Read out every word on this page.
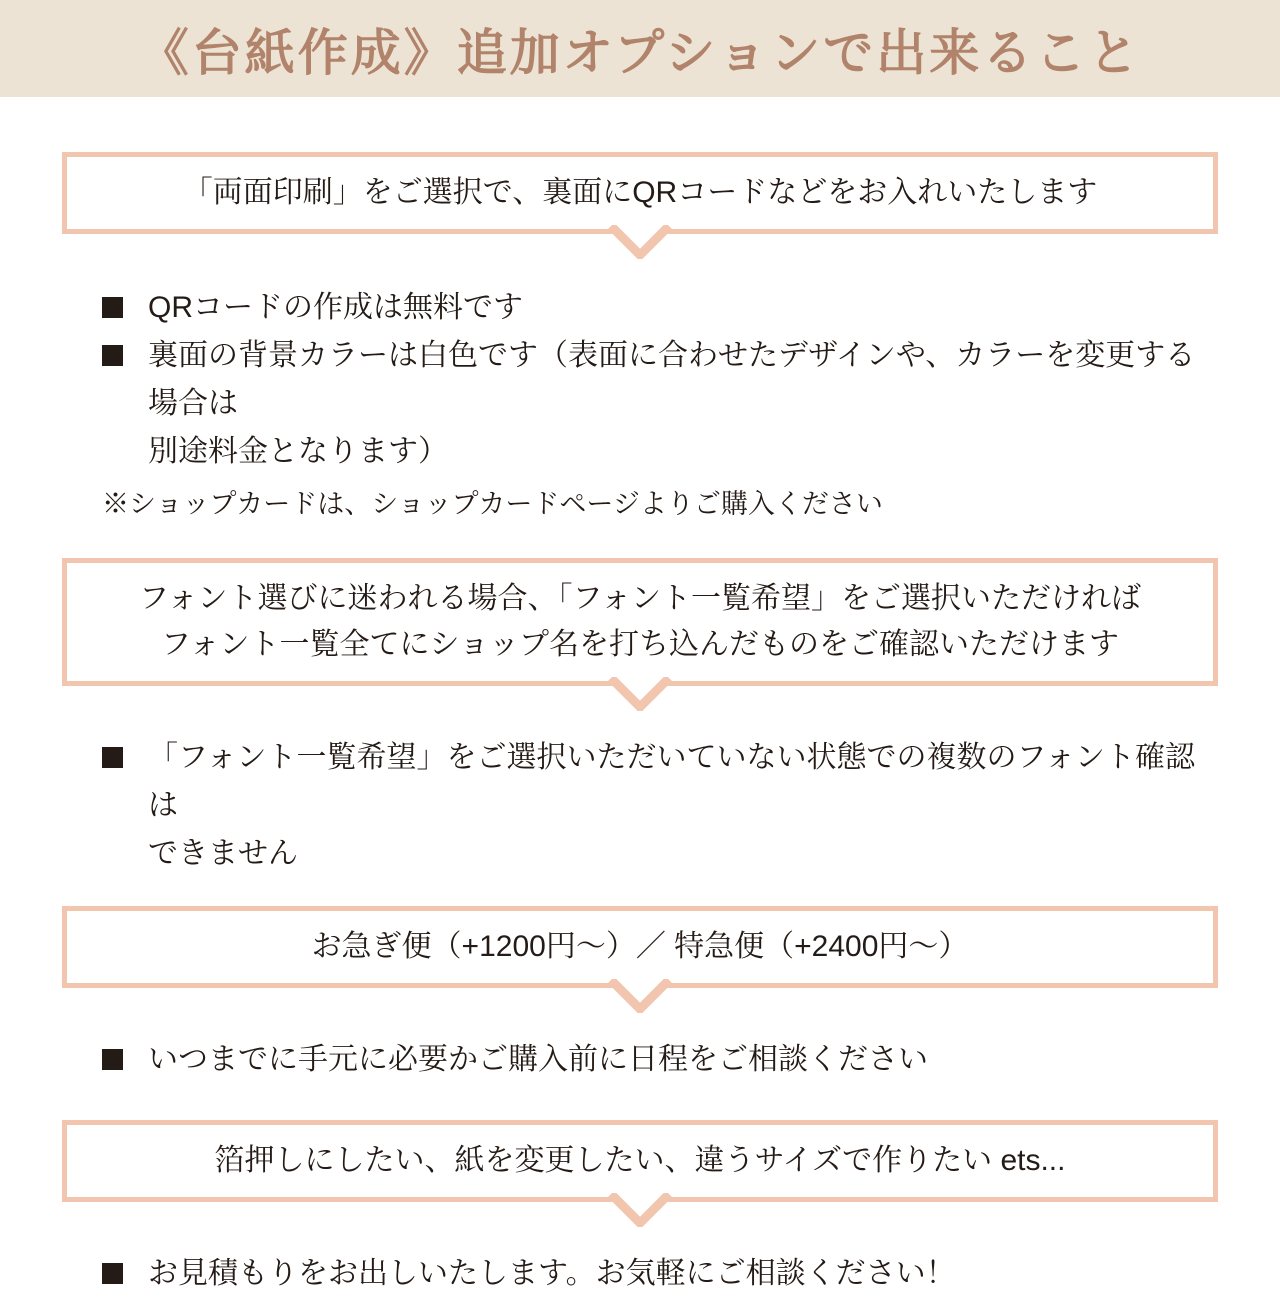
《台紙作成》追加オプションで出来ること
「両面印刷」をご選択で、裏面にQRコードなどをお入れいたします
QRコードの作成は無料です
裏面の背景カラーは白色です（表面に合わせたデザインや、カラーを変更する場合は
別途料金となります）
※ショップカードは、ショップカードページよりご購入ください
フォント選びに迷われる場合、「フォント一覧希望」をご選択いただければ
フォント一覧全てにショップ名を打ち込んだものをご確認いただけます
「フォント一覧希望」をご選択いただいていない状態での複数のフォント確認は
できません
お急ぎ便（+1200円〜）／ 特急便（+2400円〜）
いつまでに手元に必要かご購入前に日程をご相談ください
箔押しにしたい、紙を変更したい、違うサイズで作りたい ets...
お見積もりをお出しいたします。お気軽にご相談ください！
